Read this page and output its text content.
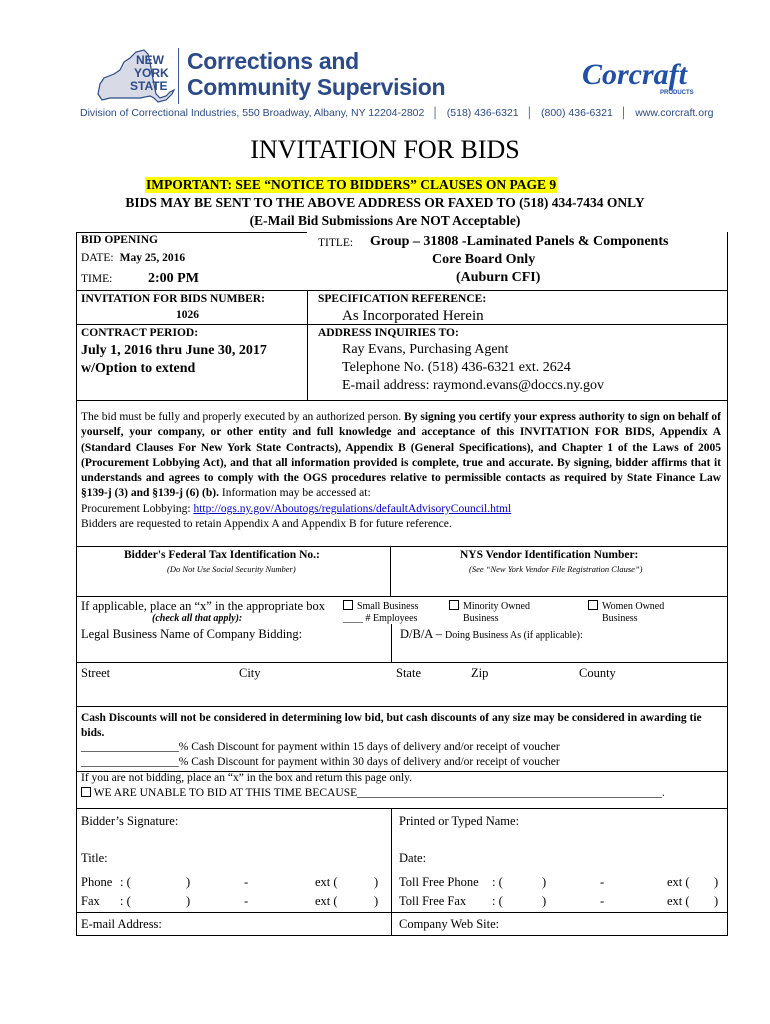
NEW
YORK
STATE
Corrections and
Community Supervision
Division of Correctional Industries, 550 Broadway, Albany, NY 12204-2802 │ (518) 436-6321 │ (800) 436-6321 │ www.corcraft.org
Corcraft
PRODUCTS
INVITATION FOR BIDS
IMPORTANT: SEE “NOTICE TO BIDDERS” CLAUSES ON PAGE 9
BIDS MAY BE SENT TO THE ABOVE ADDRESS OR FAXED TO (518) 434-7434 ONLY
(E-Mail Bid Submissions Are NOT Acceptable)
BID OPENING
DATE: May 25, 2016
TIME:	2:00 PM
TITLE: Group – 31808 -Laminated Panels & Components
Core Board Only
(Auburn CFI)
INVITATION FOR BIDS NUMBER:
1026
SPECIFICATION REFERENCE:
As Incorporated Herein
CONTRACT PERIOD:
July 1, 2016 thru June 30, 2017
w/Option to extend
ADDRESS INQUIRIES TO:
Ray Evans, Purchasing Agent
Telephone No. (518) 436-6321 ext. 2624
E-mail address: raymond.evans@doccs.ny.gov
The bid must be fully and properly executed by an authorized person. By signing you certify your express authority to sign on behalf of yourself, your company, or other entity and full knowledge and acceptance of this INVITATION FOR BIDS, Appendix A (Standard Clauses For New York State Contracts), Appendix B (General Specifications), and Chapter 1 of the Laws of 2005 (Procurement Lobbying Act), and that all information provided is complete, true and accurate. By signing, bidder affirms that it understands and agrees to comply with the OGS procedures relative to permissible contacts as required by State Finance Law §139-j (3) and §139-j (6) (b). Information may be accessed at:
Procurement Lobbying: http://ogs.ny.gov/Aboutogs/regulations/defaultAdvisoryCouncil.html
Bidders are requested to retain Appendix A and Appendix B for future reference.
Bidder's Federal Tax Identification No.:
(Do Not Use Social Security Number)
NYS Vendor Identification Number:
(See “New York Vendor File Registration Clause”)
If applicable, place an “x” in the appropriate box
(check all that apply):
Small Business
____ # Employees
Minority Owned
Business
Women Owned
Business
Legal Business Name of Company Bidding:	D/B/A – Doing Business As (if applicable):
Street	City	State	Zip	County
Cash Discounts will not be considered in determining low bid, but cash discounts of any size may be considered in awarding tie bids.
_________________% Cash Discount for payment within 15 days of delivery and/or receipt of voucher
_________________% Cash Discount for payment within 30 days of delivery and/or receipt of voucher
If you are not bidding, place an “x” in the box and return this page only.
WE ARE UNABLE TO BID AT THIS TIME BECAUSE_____________________________________________________.
Bidder’s Signature:	Printed or Typed Name:
Title:	Date:
Phone : (	)	-	ext (	)
Fax : (	)	-	ext (	)
Toll Free Phone : (	)	-	ext ( )
Toll Free Fax : (	)	-	ext ( )
E-mail Address:	Company Web Site:
